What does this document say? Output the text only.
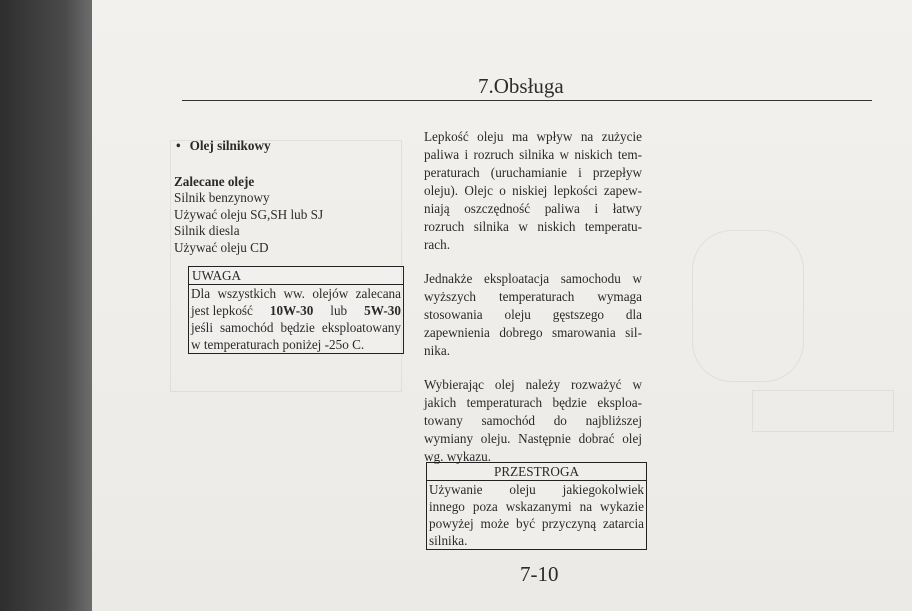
7.Obsługa
• Olej silnikowy
Zalecane oleje
Silnik benzynowy
Używać oleju SG,SH lub SJ
Silnik diesla
Używać oleju CD
UWAGA
Dla wszystkich ww. olejów zalecana
jest lepkość 10W-30 lub 5W-30
jeśli samochód będzie eksploatowany
w temperaturach poniżej -25o C.
Lepkość oleju ma wpływ na zużycie
paliwa i rozruch silnika w niskich tem-
peraturach (uruchamianie i przepływ
oleju). Olejc o niskiej lepkości zapew-
niają oszczędność paliwa i łatwy
rozruch silnika w niskich temperatu-
rach.
Jednakże eksploatacja samochodu w
wyższych temperaturach wymaga
stosowania oleju gęstszego dla
zapewnienia dobrego smarowania sil-
nika.
Wybierając olej należy rozważyć w
jakich temperaturach będzie eksploa-
towany samochód do najbliższej
wymiany oleju. Następnie dobrać olej
wg. wykazu.
PRZESTROGA
Używanie oleju jakiegokolwiek
innego poza wskazanymi na wykazie
powyżej może być przyczyną zatarcia
silnika.
7-10
